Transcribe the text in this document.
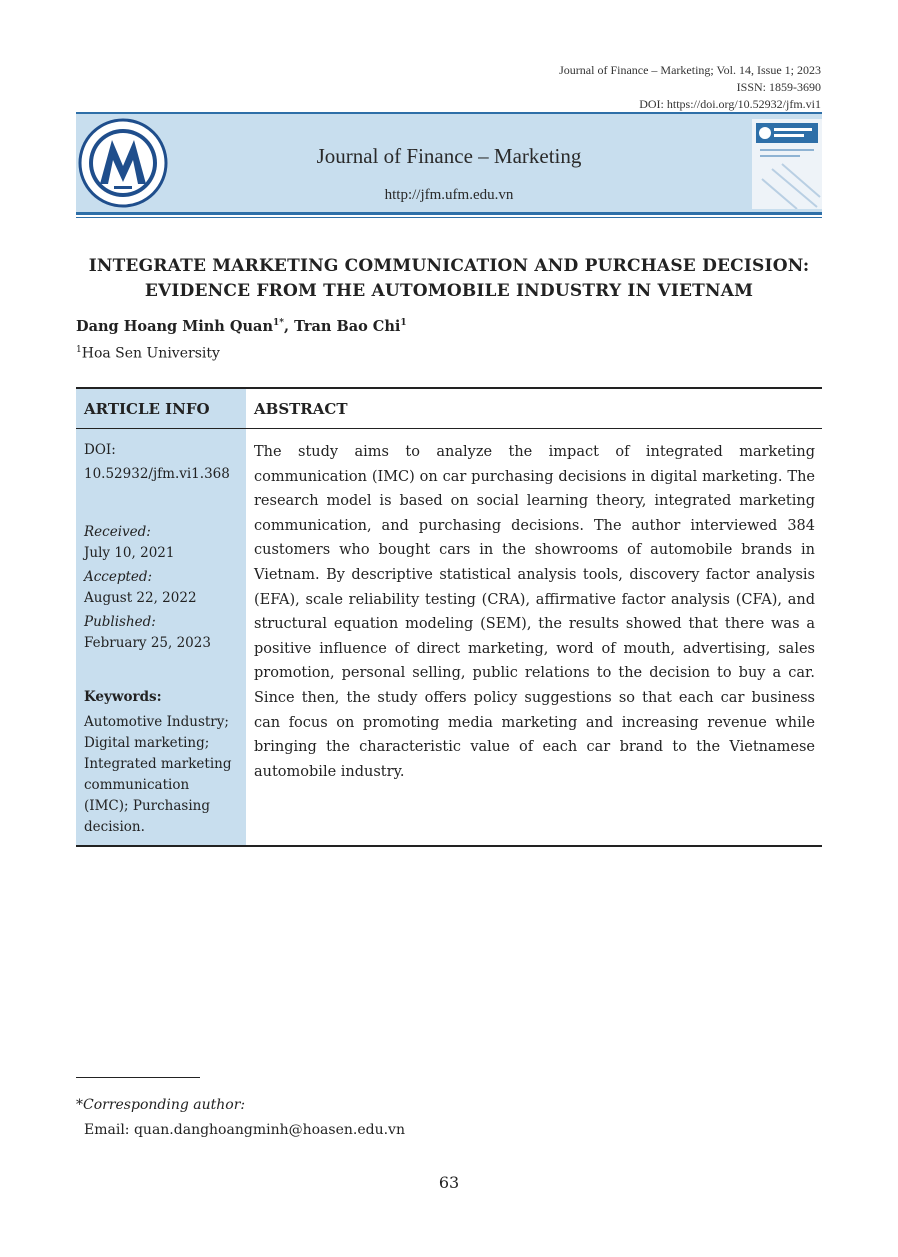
Journal of Finance – Marketing; Vol. 14, Issue 1; 2023
ISSN: 1859-3690
DOI: https://doi.org/10.52932/jfm.vi1
Journal of Finance – Marketing
http://jfm.ufm.edu.vn
INTEGRATE MARKETING COMMUNICATION AND PURCHASE DECISION:
EVIDENCE FROM THE AUTOMOBILE INDUSTRY IN VIETNAM
Dang Hoang Minh Quan$^{1*}$, Tran Bao Chi$^1$
$^1$Hoa Sen University
ARTICLE INFO	ABSTRACT
DOI:
10.52932/jfm.vi1.368
Received:
July 10, 2021
Accepted:
August 22, 2022
Published:
February 25, 2023
Keywords:
Automotive Industry;
Digital marketing;
Integrated marketing
communication
(IMC); Purchasing
decision.
The study aims to analyze the impact of integrated marketing communication (IMC) on car purchasing decisions in digital marketing. The research model is based on social learning theory, integrated marketing communication, and purchasing decisions. The author interviewed 384 customers who bought cars in the showrooms of automobile brands in Vietnam. By descriptive statistical analysis tools, discovery factor analysis (EFA), scale reliability testing (CRA), affirmative factor analysis (CFA), and structural equation modeling (SEM), the results showed that there was a positive influence of direct marketing, word of mouth, advertising, sales promotion, personal selling, public relations to the decision to buy a car. Since then, the study offers policy suggestions so that each car business can focus on promoting media marketing and increasing revenue while bringing the characteristic value of each car brand to the Vietnamese automobile industry.
*Corresponding author:
Email: quan.danghoangminh@hoasen.edu.vn
63
